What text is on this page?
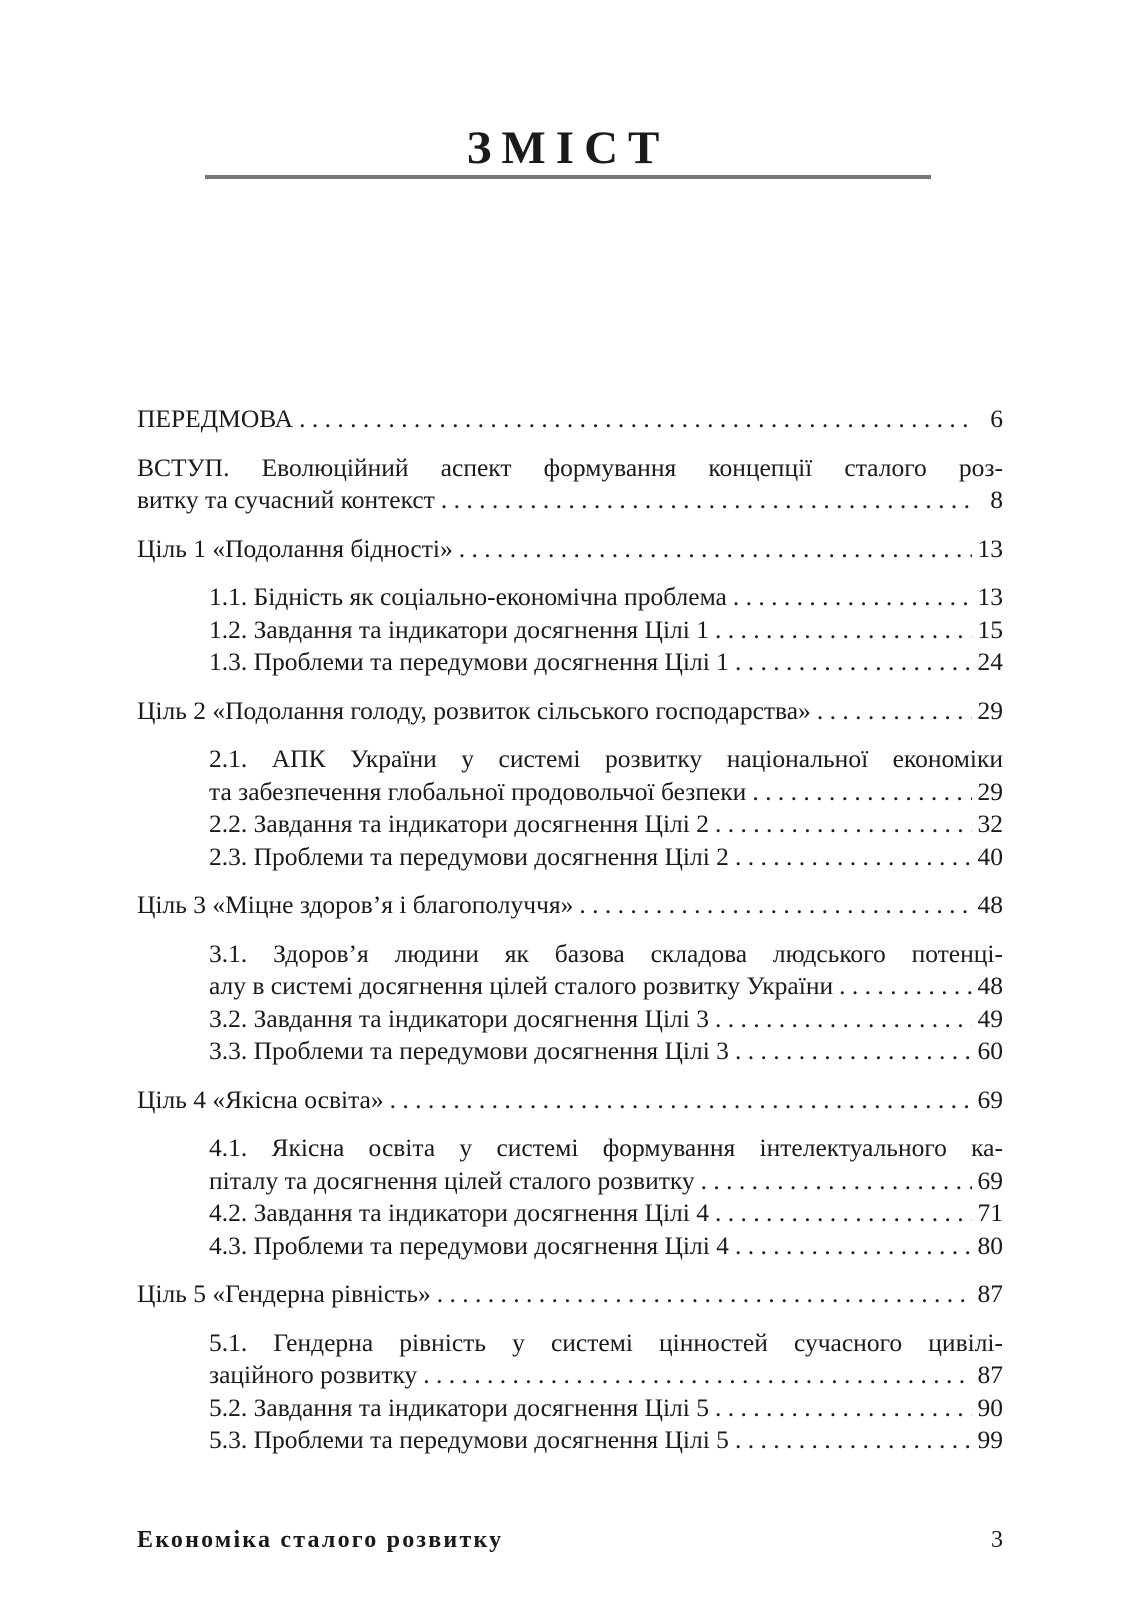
ЗМІСТ
ПЕРЕДМОВА . . .	6
ВСТУП. Еволюційний аспект формування концепції сталого роз-
витку та сучасний контекст . . .	8
Ціль 1 «Подолання бідності» . . .	13
1.1. Бідність як соціально-економічна проблема . . .	13
1.2. Завдання та індикатори досягнення Цілі 1 . . .	15
1.3. Проблеми та передумови досягнення Цілі 1 . . .	24
Ціль 2 «Подолання голоду, розвиток сільського господарства» . . .	29
2.1. АПК України у системі розвитку національної економіки
та забезпечення глобальної продовольчої безпеки . . .	29
2.2. Завдання та індикатори досягнення Цілі 2 . . .	32
2.3. Проблеми та передумови досягнення Цілі 2 . . .	40
Ціль 3 «Міцне здоров’я і благополуччя» . . .	48
3.1. Здоров’я людини як базова складова людського потенці-
алу в системі досягнення цілей сталого розвитку України . . .	48
3.2. Завдання та індикатори досягнення Цілі 3 . . .	49
3.3. Проблеми та передумови досягнення Цілі 3 . . .	60
Ціль 4 «Якісна освіта» . . .	69
4.1. Якісна освіта у системі формування інтелектуального ка-
піталу та досягнення цілей сталого розвитку . . .	69
4.2. Завдання та індикатори досягнення Цілі 4 . . .	71
4.3. Проблеми та передумови досягнення Цілі 4 . . .	80
Ціль 5 «Гендерна рівність» . . .	87
5.1. Гендерна рівність у системі цінностей сучасного цивілі-
заційного розвитку . . .	87
5.2. Завдання та індикатори досягнення Цілі 5 . . .	90
5.3. Проблеми та передумови досягнення Цілі 5 . . .	99
Економіка сталого розвитку	3
